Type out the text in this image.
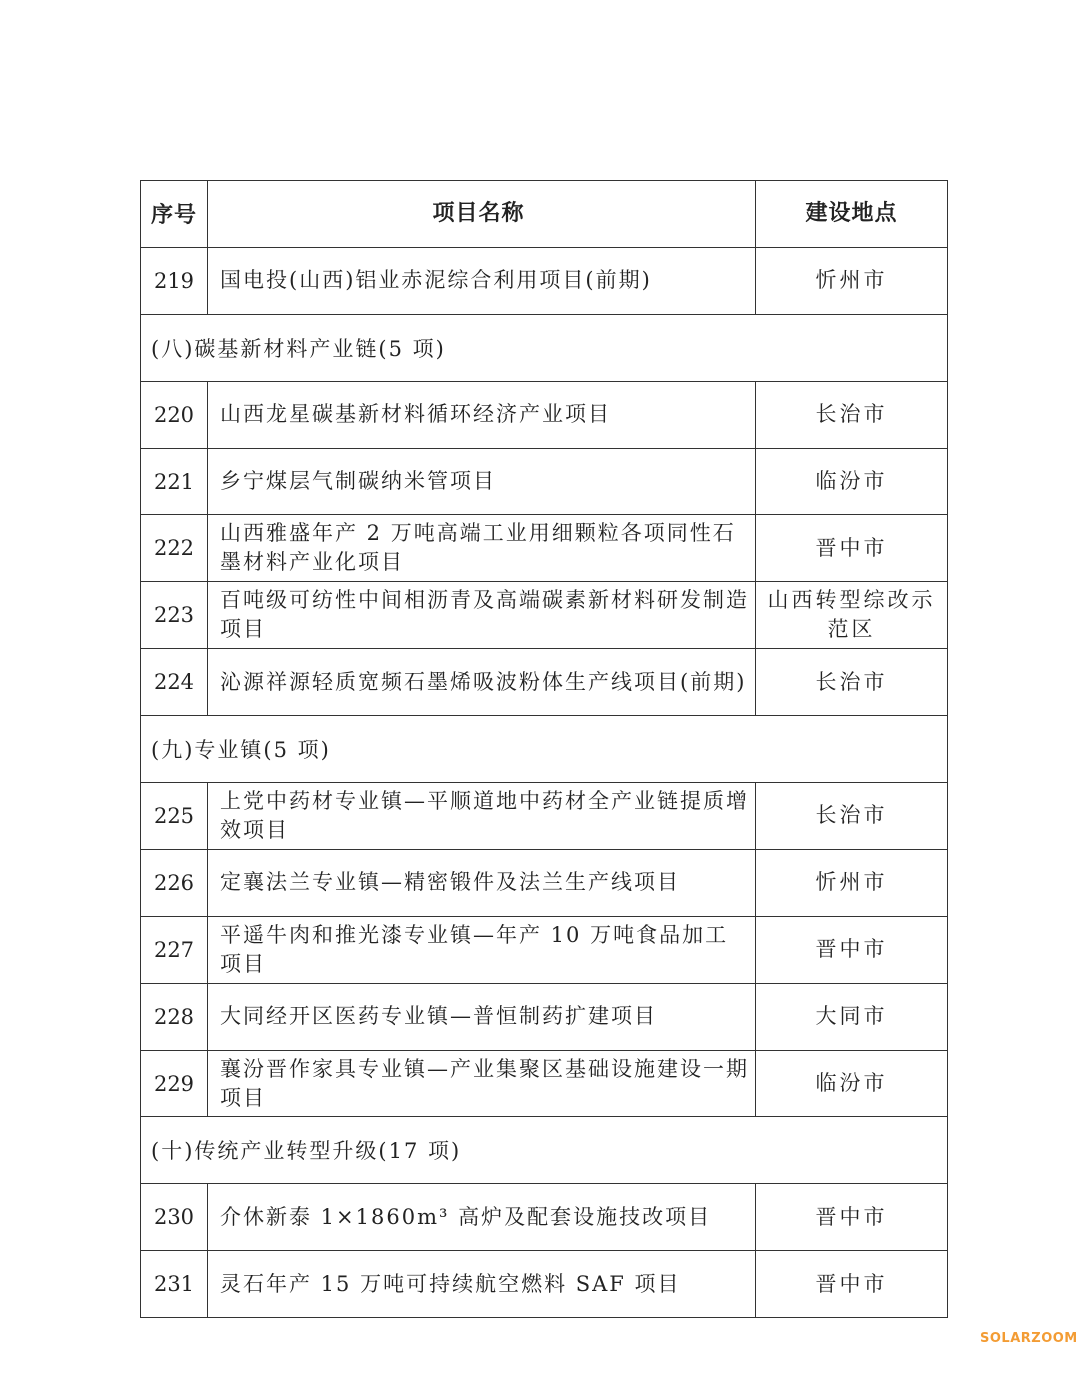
序号	项目名称	建设地点
219	国电投(山西)铝业赤泥综合利用项目(前期)	忻州市
(八)碳基新材料产业链(5 项)		
220	山西龙星碳基新材料循环经济产业项目	长治市
221	乡宁煤层气制碳纳米管项目	临汾市
222	山西雅盛年产 2 万吨高端工业用细颗粒各项同性石墨材料产业化项目	晋中市
223	百吨级可纺性中间相沥青及高端碳素新材料研发制造项目	山西转型综改示范区
224	沁源祥源轻质宽频石墨烯吸波粉体生产线项目(前期)	长治市
(九)专业镇(5 项)		
225	上党中药材专业镇—平顺道地中药材全产业链提质增效项目	长治市
226	定襄法兰专业镇—精密锻件及法兰生产线项目	忻州市
227	平遥牛肉和推光漆专业镇—年产 10 万吨食品加工项目	晋中市
228	大同经开区医药专业镇—普恒制药扩建项目	大同市
229	襄汾晋作家具专业镇—产业集聚区基础设施建设一期项目	临汾市
(十)传统产业转型升级(17 项)		
230	介休新泰 1×1860m³ 高炉及配套设施技改项目	晋中市
231	灵石年产 15 万吨可持续航空燃料 SAF 项目	晋中市
SOLARZOOM
